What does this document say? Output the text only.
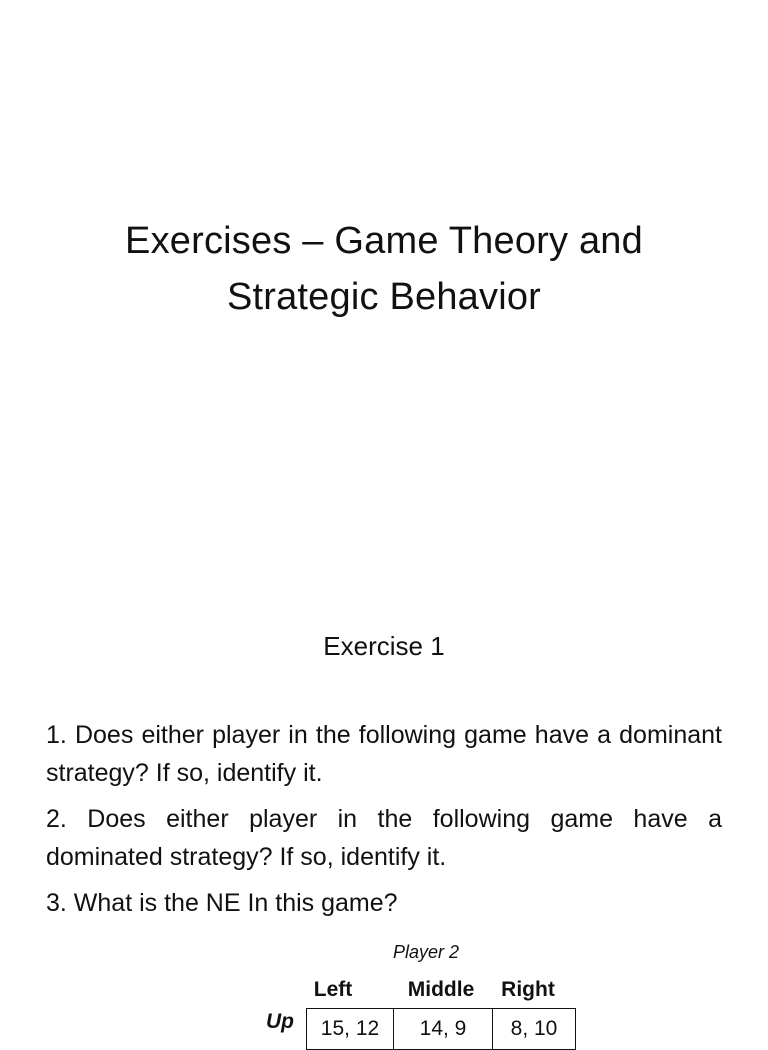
Exercises – Game Theory and
Strategic Behavior
Exercise 1
1. Does either player in the following game have a dominant strategy? If so, identify it.
2. Does either player in the following game have a dominated strategy? If so, identify it.
3. What is the NE In this game?
Player 2
Left	Middle	Right
Up 15, 12	14, 9	8, 10
